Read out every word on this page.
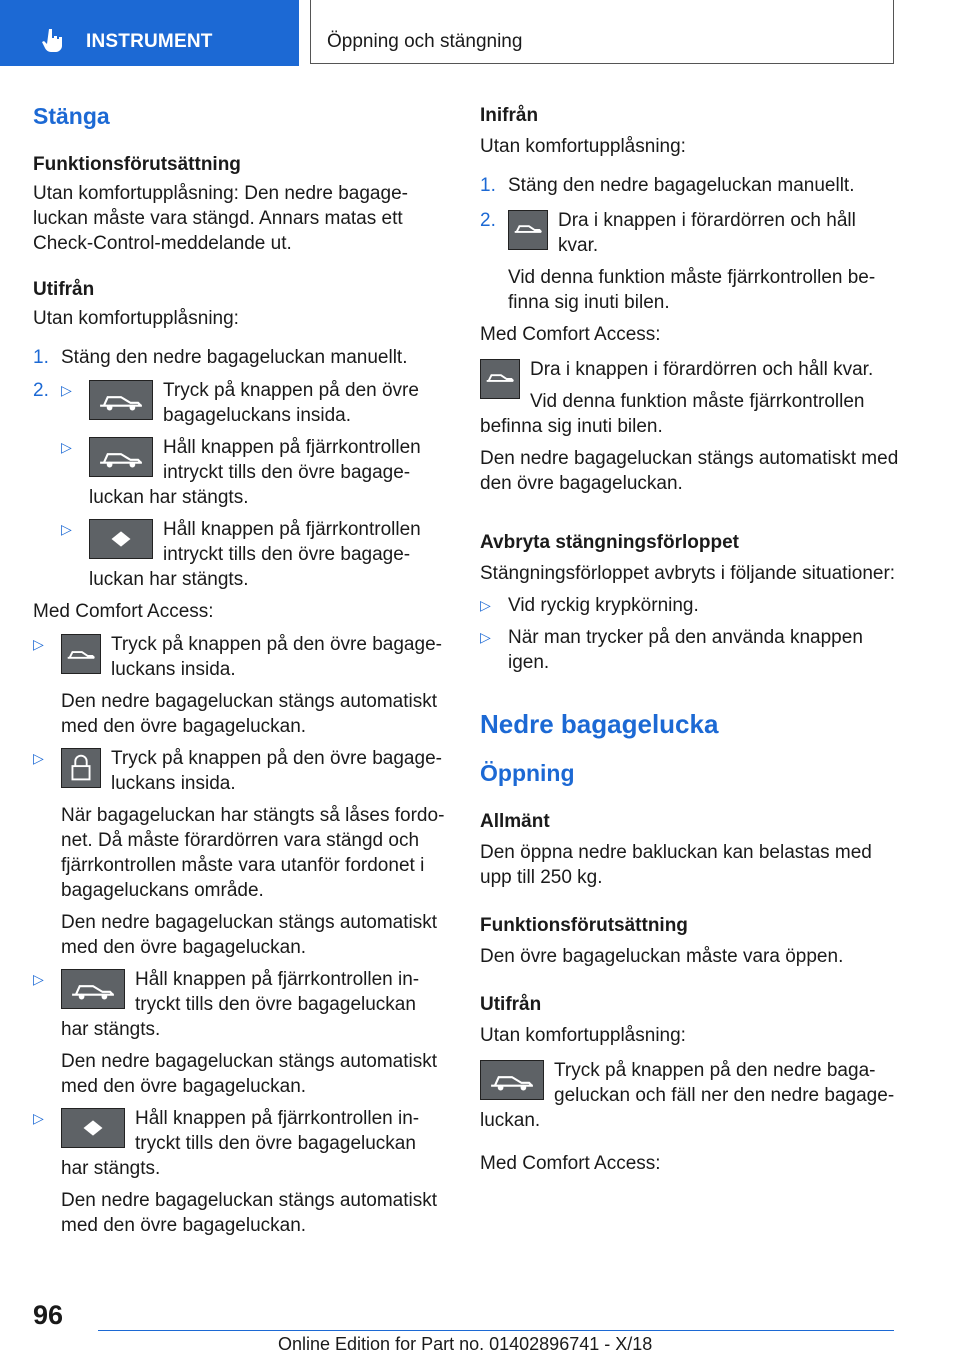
INSTRUMENT	Öppning och stängning
Stänga
Funktionsförutsättning

Utan komfortupplåsning: Den nedre bagageluckan måste vara stängd. Annars matas ett Check-Control-meddelande ut.

Utifrån

Utan komfortupplåsning:

1. Stäng den nedre bagageluckan manuellt.
2. ▷	Tryck på knappen på den övre bagageluckans insida.
▷	Håll knappen på fjärrkontrollen intryckt tills den övre bagageluckan har stängts.
▷	Håll knappen på fjärrkontrollen intryckt tills den övre bagageluckan har stängts.

Med Comfort Access:

▷	Tryck på knappen på den övre bagageluckans insida.

Den nedre bagageluckan stängs automatiskt med den övre bagageluckan.

▷	Tryck på knappen på den övre bagageluckans insida.

När bagageluckan har stängts så låses fordonet. Då måste förardörren vara stängd och fjärrkontrollen måste vara utanför fordonet i bagageluckans område.

Den nedre bagageluckan stängs automatiskt med den övre bagageluckan.

▷	Håll knappen på fjärrkontrollen intryckt tills den övre bagageluckan har stängts.

Den nedre bagageluckan stängs automatiskt med den övre bagageluckan.

▷	Håll knappen på fjärrkontrollen intryckt tills den övre bagageluckan har stängts.

Den nedre bagageluckan stängs automatiskt med den övre bagageluckan.

Inifrån

Utan komfortupplåsning:

1. Stäng den nedre bagageluckan manuellt.
2.	Dra i knappen i förardörren och håll kvar.

Vid denna funktion måste fjärrkontrollen befinna sig inuti bilen.

Med Comfort Access:

Dra i knappen i förardörren och håll kvar.

Vid denna funktion måste fjärrkontrollen befinna sig inuti bilen.

Den nedre bagageluckan stängs automatiskt med den övre bagageluckan.

Avbryta stängningsförloppet

Stängningsförloppet avbryts i följande situationer:

▷ Vid ryckig krypkörning.
▷ När man trycker på den använda knappen igen.
Nedre bagagelucka
Öppning
Allmänt

Den öppna nedre bakluckan kan belastas med upp till 250 kg.

Funktionsförutsättning

Den övre bagageluckan måste vara öppen.

Utifrån

Utan komfortupplåsning:

Tryck på knappen på den nedre bagageluckan och fäll ner den nedre bagageluckan.

Med Comfort Access:

96
Online Edition for Part no. 01402896741 - X/18
